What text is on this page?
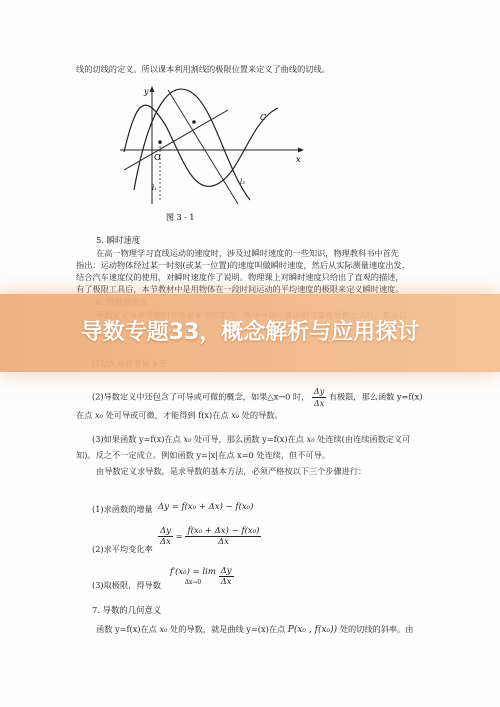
线的切线的定义。所以课本利用割线的极限位置来定义了曲线的切线。
y
x
O
C
l₂
l₁
图 3 - 1
5. 瞬时速度
在高一物理学习直线运动的速度时，涉及过瞬时速度的一些知识，物理教科书中首先
指出：运动物体经过某一时刻(或某一位置)的速度叫做瞬时速度，然后从实际测量速度出发，
结合汽车速度仪的使用，对瞬时速度作了说明。物理课上对瞬时速度只给出了直观的描述，
有了极限工具后，本节教材中是用物体在一段时间运动的平均速度的极限来定义瞬时速度。
(2)导数定义中还包含了可导或可微的概念，如果△x→0 时， $\frac{\Delta y}{\Delta x}$ 有极限，那么函数 y=f(x)
在点 x₀ 处可导或可微，才能得到 f(x)在点 x₀ 处的导数。
(3)如果函数 y=f(x)在点 x₀ 处可导，那么函数 y=f(x)在点 x₀ 处连续(由连续函数定义可
知)。反之不一定成立。例如函数 y=|x|在点 x=0 处连续，但不可导。
由导数定义求导数，是求导数的基本方法，必须严格按以下三个步骤进行：
(1)求函数的增量 Δy = f(x₀ + Δx) − f(x₀)
(2)求平均变化率
$\frac{\Delta y}{\Delta x} = \frac{\text{f(x₀ + Δx) − f(x₀)}}{\Delta x}$
(3)取极限，得导数
f′(x₀) = lim
$\Delta x\to 0 \frac{\Delta y}{\Delta x}$
7. 导数的几何意义
函数 y=f(x)在点 x₀ 处的导数，就是曲线 y=(x)在点 P(x₀ , f(x₀)) 处的切线的斜率。由
导数专题33，概念解析与应用探讨
